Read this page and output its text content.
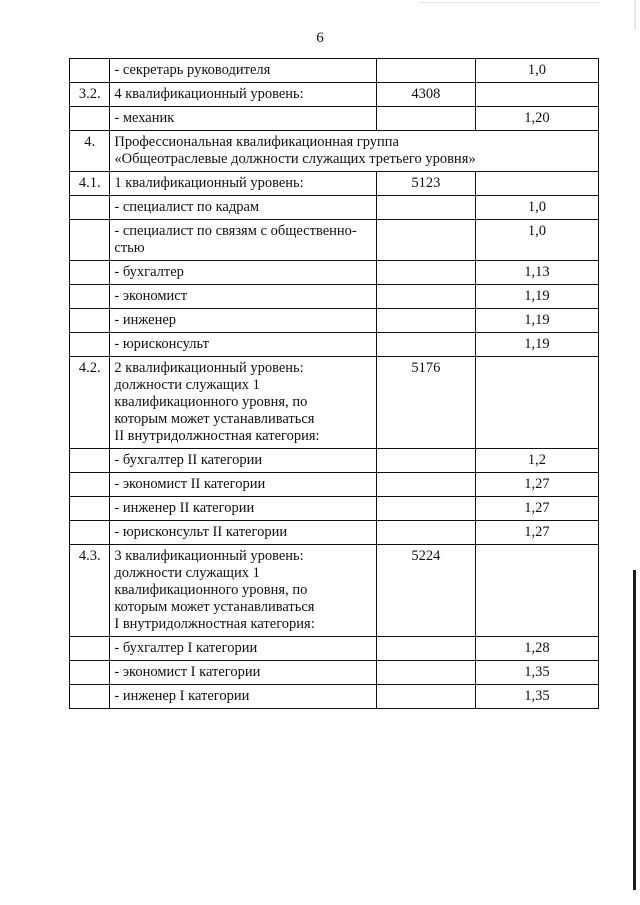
6
	- секретарь руководителя		1,0
3.2.	4 квалификационный уровень:	4308	
	- механик		1,20
4.	Профессиональная квалификационная группа
«Общеотраслевые должности служащих третьего уровня»		
4.1.	1 квалификационный уровень:	5123	
	- специалист по кадрам		1,0
	- специалист по связям с общественно-
стью		1,0
	- бухгалтер		1,13
	- экономист		1,19
	- инженер		1,19
	- юрисконсульт		1,19
4.2.	2 квалификационный уровень:
должности служащих 1
квалификационного уровня, по
которым может устанавливаться
II внутридолжностная категория:	5176	
	- бухгалтер II категории		1,2
	- экономист II категории		1,27
	- инженер II категории		1,27
	- юрисконсульт II категории		1,27
4.3.	3 квалификационный уровень:
должности служащих 1
квалификационного уровня, по
которым может устанавливаться
I внутридолжностная категория:	5224	
	- бухгалтер I категории		1,28
	- экономист I категории		1,35
	- инженер I категории		1,35
